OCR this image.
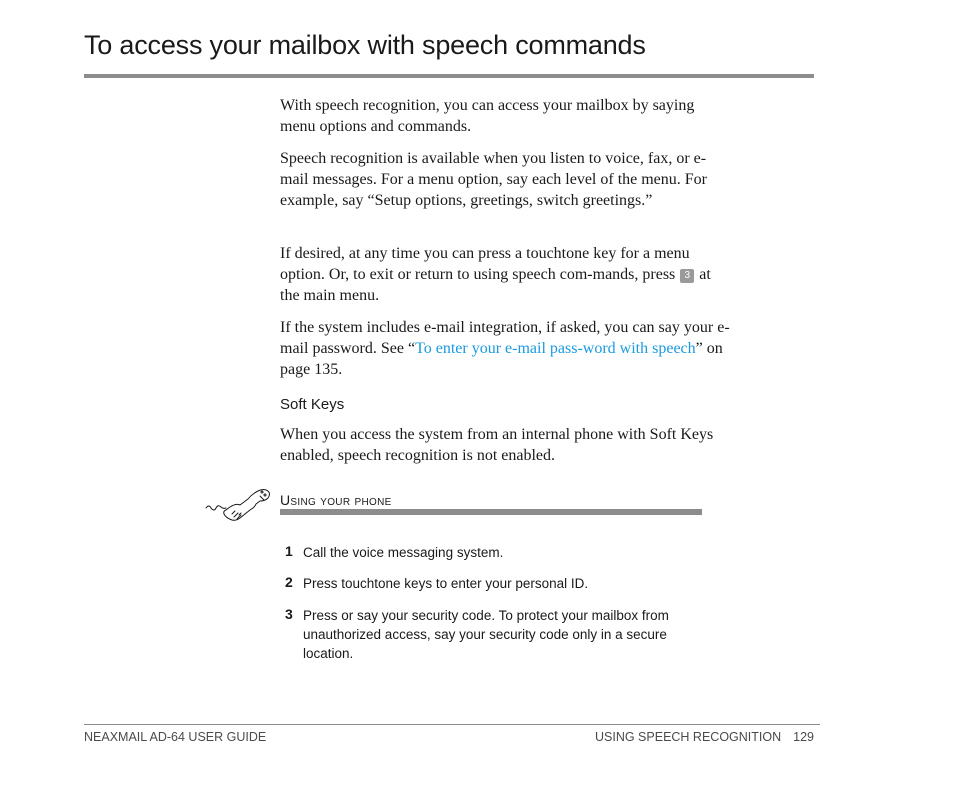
To access your mailbox with speech commands

With speech recognition, you can access your mailbox by saying menu options and commands.

Speech recognition is available when you listen to voice, fax, or e-mail messages. For a menu option, say each level of the menu. For example, say “Setup options, greetings, switch greetings.”

If desired, at any time you can press a touchtone key for a menu option. Or, to exit or return to using speech com-mands, press 3 at the main menu.

If the system includes e-mail integration, if asked, you can say your e-mail password. See “To enter your e-mail pass-word with speech” on page 135.

Soft Keys

When you access the system from an internal phone with Soft Keys enabled, speech recognition is not enabled.

Using your phone
1 Call the voice messaging system.

2 Press touchtone keys to enter your personal ID.

3 Press or say your security code. To protect your mailbox from unauthorized access, say your security code only in a secure location.

NEAXMAIL AD-64 USER GUIDE	USING SPEECH RECOGNITION 129
